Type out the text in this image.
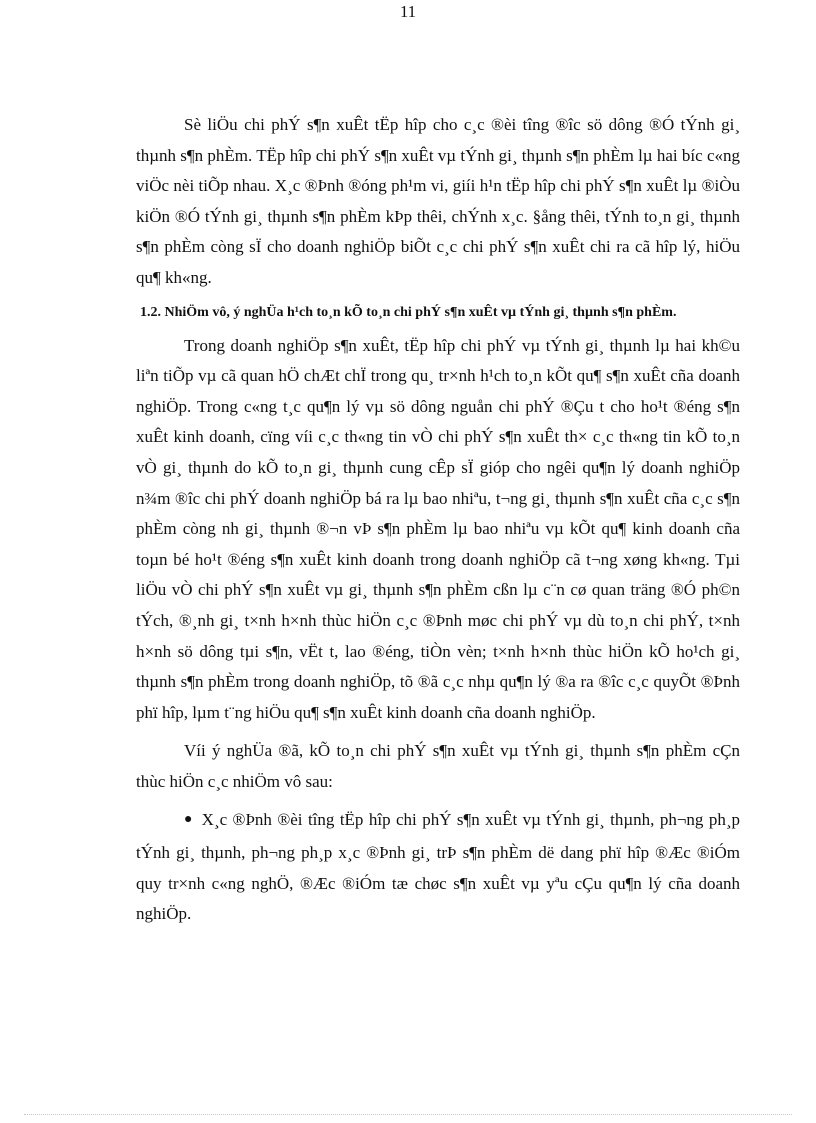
11

Sè liÖu chi phÝ s¶n xuÊt tËp hîp cho c¸c ®èi tîng ®îc sö dông ®Ó tÝnh gi¸ thµnh s¶n phÈm. TËp hîp chi phÝ s¶n xuÊt vµ tÝnh gi¸ thµnh s¶n phÈm lµ hai bíc c«ng viÖc nèi tiÕp nhau. X¸c ®Þnh ®óng ph¹m vi, giíi h¹n tËp hîp chi phÝ s¶n xuÊt lµ ®iÒu kiÖn ®Ó tÝnh gi¸ thµnh s¶n phÈm kÞp thêi, chÝnh x¸c. §ång thêi, tÝnh to¸n gi¸ thµnh s¶n phÈm còng sÏ cho doanh nghiÖp biÕt c¸c chi phÝ s¶n xuÊt chi ra cã hîp lý, hiÖu qu¶ kh«ng.

1.2. NhiÖm vô, ý nghÜa h¹ch to¸n kÕ to¸n chi phÝ s¶n xuÊt vµ tÝnh gi¸ thµnh s¶n phÈm.

Trong doanh nghiÖp s¶n xuÊt, tËp hîp chi phÝ vµ tÝnh gi¸ thµnh lµ hai kh©u liªn tiÕp vµ cã quan hÖ chÆt chÏ trong qu¸ tr×nh h¹ch to¸n kÕt qu¶ s¶n xuÊt cña doanh nghiÖp. Trong c«ng t¸c qu¶n lý vµ sö dông nguån chi phÝ ®Çu t cho ho¹t ®éng s¶n xuÊt kinh doanh, cïng víi c¸c th«ng tin vÒ chi phÝ s¶n xuÊt th× c¸c th«ng tin kÕ to¸n vÒ gi¸ thµnh do kÕ to¸n gi¸ thµnh cung cÊp sÏ gióp cho ngêi qu¶n lý doanh nghiÖp n¾m ®îc chi phÝ doanh nghiÖp bá ra lµ bao nhiªu, t¬ng gi¸ thµnh s¶n xuÊt cña c¸c s¶n phÈm còng nh gi¸ thµnh ®¬n vÞ s¶n phÈm lµ bao nhiªu vµ kÕt qu¶ kinh doanh cña toµn bé ho¹t ®éng s¶n xuÊt kinh doanh trong doanh nghiÖp cã t¬ng xøng kh«ng. Tµi liÖu vÒ chi phÝ s¶n xuÊt vµ gi¸ thµnh s¶n phÈm cßn lµ c¨n cø quan träng ®Ó ph©n tÝch, ®¸nh gi¸ t×nh h×nh thùc hiÖn c¸c ®Þnh møc chi phÝ vµ dù to¸n chi phÝ, t×nh h×nh sö dông tµi s¶n, vËt t, lao ®éng, tiÒn vèn; t×nh h×nh thùc hiÖn kÕ ho¹ch gi¸ thµnh s¶n phÈm trong doanh nghiÖp, tõ ®ã c¸c nhµ qu¶n lý ®a ra ®îc c¸c quyÕt ®Þnh phï hîp, lµm t¨ng hiÖu qu¶ s¶n xuÊt kinh doanh cña doanh nghiÖp.

Víi ý nghÜa ®ã, kÕ to¸n chi phÝ s¶n xuÊt vµ tÝnh gi¸ thµnh s¶n phÈm cÇn thùc hiÖn c¸c nhiÖm vô sau:

● X¸c ®Þnh ®èi tîng tËp hîp chi phÝ s¶n xuÊt vµ tÝnh gi¸ thµnh, ph¬ng ph¸p tÝnh gi¸ thµnh, ph¬ng ph¸p x¸c ®Þnh gi¸ trÞ s¶n phÈm dë dang phï hîp ®Æc ®iÓm quy tr×nh c«ng nghÖ, ®Æc ®iÓm tæ chøc s¶n xuÊt vµ yªu cÇu qu¶n lý cña doanh nghiÖp.
